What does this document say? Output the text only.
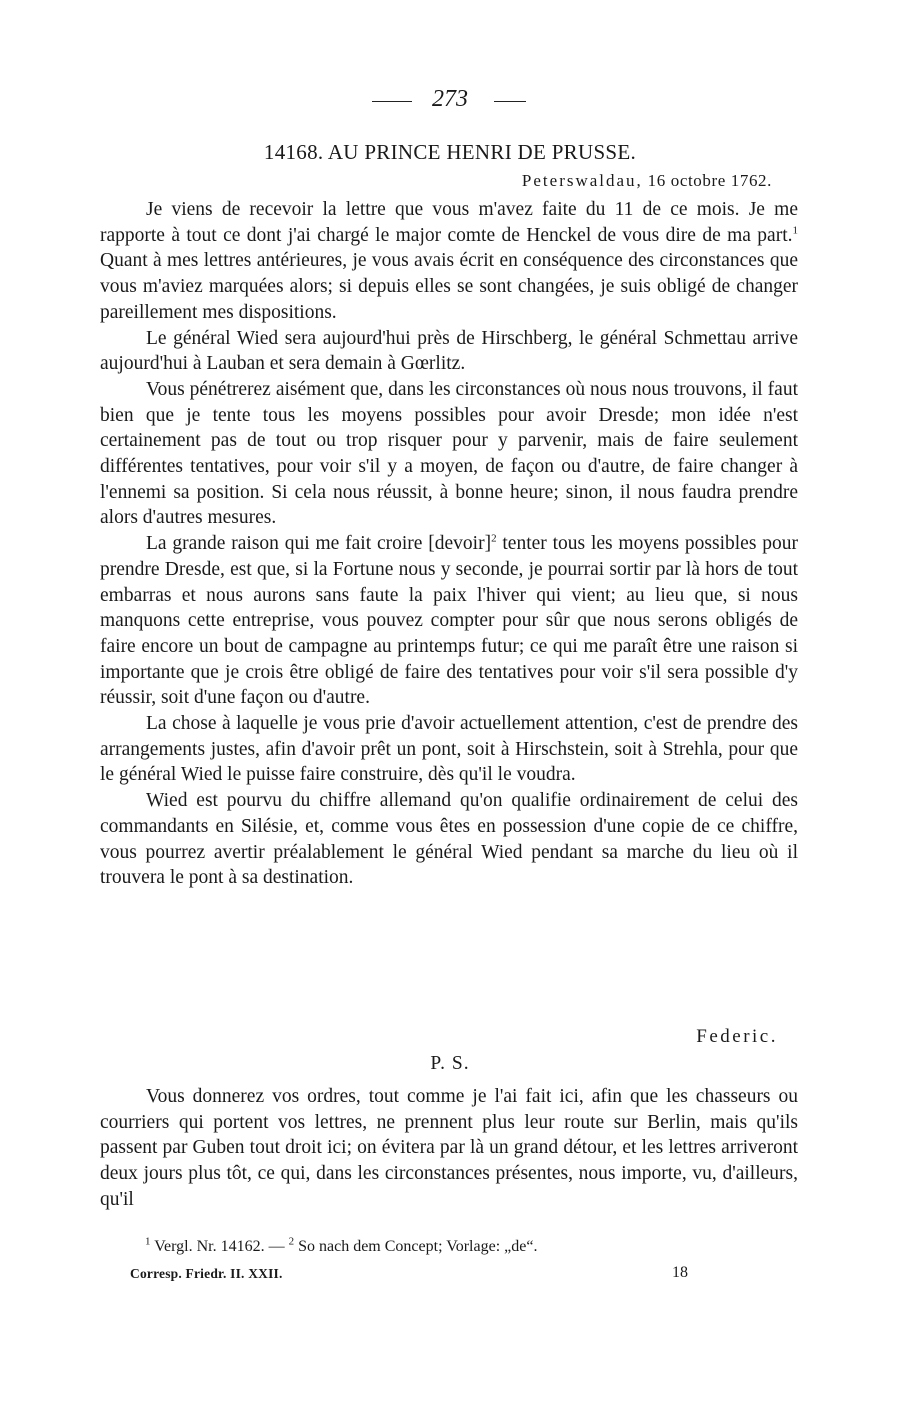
273
14168. AU PRINCE HENRI DE PRUSSE.
Peterswaldau, 16 octobre 1762.

Je viens de recevoir la lettre que vous m'avez faite du 11 de ce mois. Je me rapporte à tout ce dont j'ai chargé le major comte de Henckel de vous dire de ma part.$^1$ Quant à mes lettres antérieures, je vous avais écrit en conséquence des circonstances que vous m'aviez marquées alors; si depuis elles se sont changées, je suis obligé de changer pareillement mes dispositions.

Le général Wied sera aujourd'hui près de Hirschberg, le général Schmettau arrive aujourd'hui à Lauban et sera demain à Gœrlitz.

Vous pénétrerez aisément que, dans les circonstances où nous nous trouvons, il faut bien que je tente tous les moyens possibles pour avoir Dresde; mon idée n'est certainement pas de tout ou trop risquer pour y parvenir, mais de faire seulement différentes tentatives, pour voir s'il y a moyen, de façon ou d'autre, de faire changer à l'ennemi sa position. Si cela nous réussit, à bonne heure; sinon, il nous faudra prendre alors d'autres mesures.

La grande raison qui me fait croire [devoir]$^2$ tenter tous les moyens possibles pour prendre Dresde, est que, si la Fortune nous y seconde, je pourrai sortir par là hors de tout embarras et nous aurons sans faute la paix l'hiver qui vient; au lieu que, si nous manquons cette entreprise, vous pouvez compter pour sûr que nous serons obligés de faire encore un bout de campagne au printemps futur; ce qui me paraît être une raison si importante que je crois être obligé de faire des tentatives pour voir s'il sera possible d'y réussir, soit d'une façon ou d'autre.

La chose à laquelle je vous prie d'avoir actuellement attention, c'est de prendre des arrangements justes, afin d'avoir prêt un pont, soit à Hirschstein, soit à Strehla, pour que le général Wied le puisse faire construire, dès qu'il le voudra.

Wied est pourvu du chiffre allemand qu'on qualifie ordinairement de celui des commandants en Silésie, et, comme vous êtes en possession d'une copie de ce chiffre, vous pourrez avertir préalablement le général Wied pendant sa marche du lieu où il trouvera le pont à sa destination.

Federic.
P. S.

Vous donnerez vos ordres, tout comme je l'ai fait ici, afin que les chasseurs ou courriers qui portent vos lettres, ne prennent plus leur route sur Berlin, mais qu'ils passent par Guben tout droit ici; on évitera par là un grand détour, et les lettres arriveront deux jours plus tôt, ce qui, dans les circonstances présentes, nous importe, vu, d'ailleurs, qu'il

$^1$ Vergl. Nr. 14162. — $^2$ So nach dem Concept; Vorlage: „de“.
Corresp. Friedr. II. XXII.	18
